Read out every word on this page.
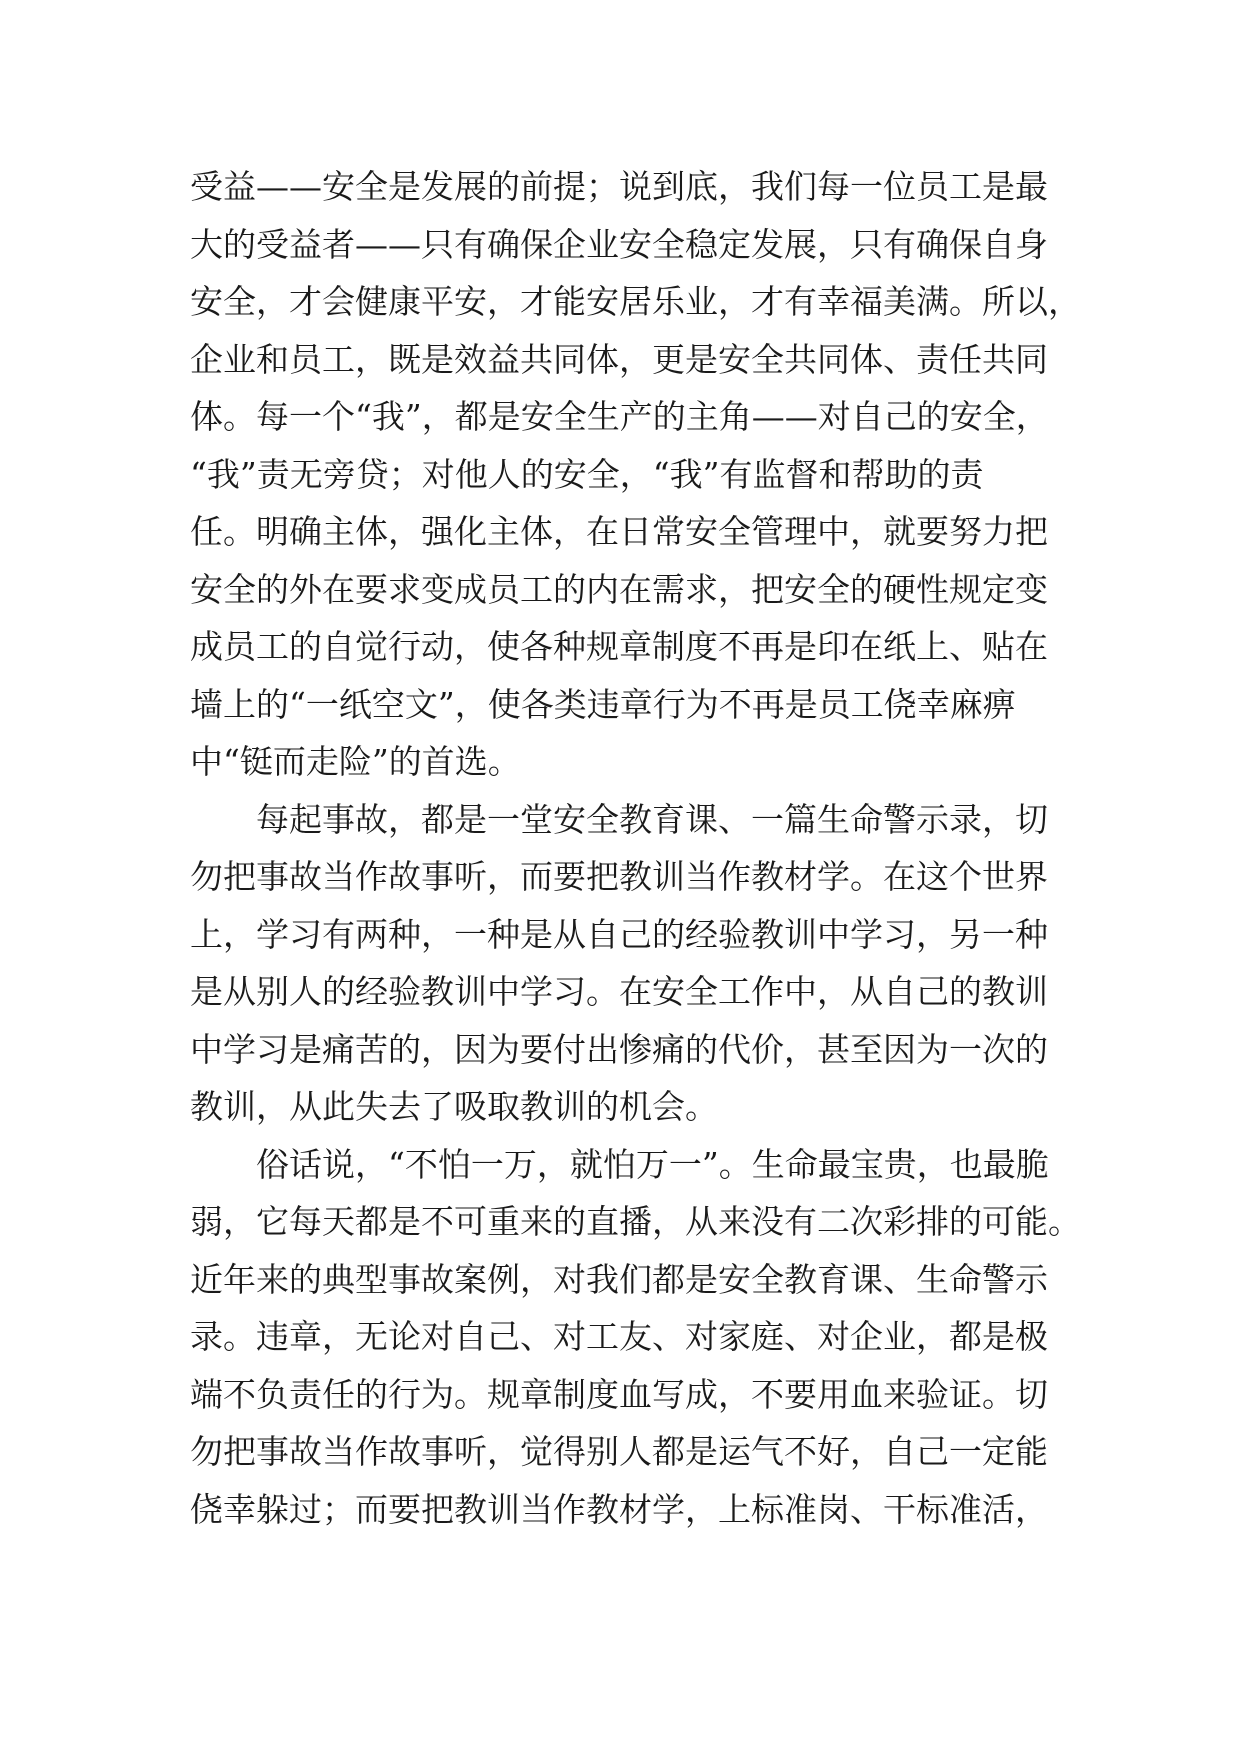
受益——安全是发展的前提；说到底，我们每一位员工是最
大的受益者——只有确保企业安全稳定发展，只有确保自身
安全，才会健康平安，才能安居乐业，才有幸福美满。所以，
企业和员工，既是效益共同体，更是安全共同体、责任共同
体。每一个“我”，都是安全生产的主角——对自己的安全，
“我”责无旁贷；对他人的安全，“我”有监督和帮助的责
任。明确主体，强化主体，在日常安全管理中，就要努力把
安全的外在要求变成员工的内在需求，把安全的硬性规定变
成员工的自觉行动，使各种规章制度不再是印在纸上、贴在
墙上的“一纸空文”，使各类违章行为不再是员工侥幸麻痹
中“铤而走险”的首选。
每起事故，都是一堂安全教育课、一篇生命警示录，切
勿把事故当作故事听，而要把教训当作教材学。在这个世界
上，学习有两种，一种是从自己的经验教训中学习，另一种
是从别人的经验教训中学习。在安全工作中，从自己的教训
中学习是痛苦的，因为要付出惨痛的代价，甚至因为一次的
教训，从此失去了吸取教训的机会。
俗话说，“不怕一万，就怕万一”。生命最宝贵，也最脆
弱，它每天都是不可重来的直播，从来没有二次彩排的可能。
近年来的典型事故案例，对我们都是安全教育课、生命警示
录。违章，无论对自己、对工友、对家庭、对企业，都是极
端不负责任的行为。规章制度血写成，不要用血来验证。切
勿把事故当作故事听，觉得别人都是运气不好，自己一定能
侥幸躲过；而要把教训当作教材学，上标准岗、干标准活，
